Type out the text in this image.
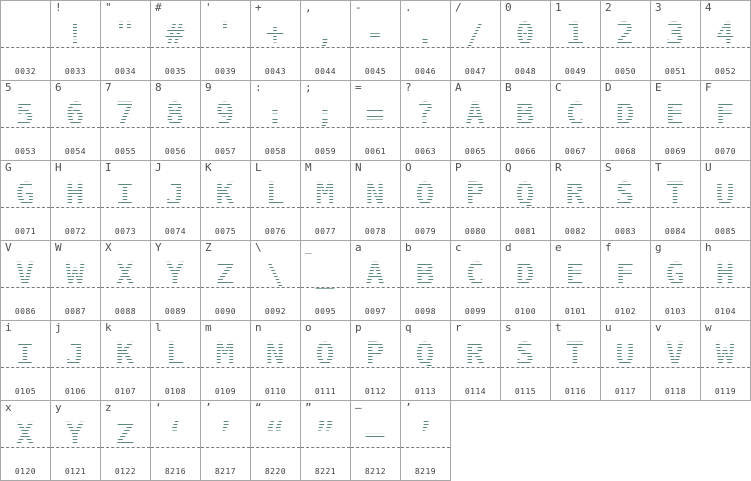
0032
!
!
0033
"
"
0034
#
#
0035
'
'
0039
+
+
0043
,
,
0044
-
-
0045
.
.
0046
/
/
0047
0
0
0048
1
1
0049
2
2
0050
3
3
0051
4
4
0052
5
5
0053
6
6
0054
7
7
0055
8
8
0056
9
9
0057
:
:
0058
;
;
0059
=
=
0061
?
?
0063
A
A
0065
B
B
0066
C
C
0067
D
D
0068
E
E
0069
F
F
0070
G
G
0071
H
H
0072
I
I
0073
J
J
0074
K
K
0075
L
L
0076
M
M
0077
N
N
0078
O
O
0079
P
P
0080
Q
Q
0081
R
R
0082
S
S
0083
T
T
0084
U
U
0085
V
V
0086
W
W
0087
X
X
0088
Y
Y
0089
Z
Z
0090
\
\
0092
_
_
0095
a
A
0097
b
B
0098
c
C
0099
d
D
0100
e
E
0101
f
F
0102
g
G
0103
h
H
0104
i
I
0105
j
J
0106
k
K
0107
l
L
0108
m
M
0109
n
N
0110
o
O
0111
p
P
0112
q
Q
0113
r
R
0114
s
S
0115
t
T
0116
u
U
0117
v
V
0118
w
W
0119
x
X
0120
y
Y
0121
z
Z
0122
‘
‘
8216
’
’
8217
“
“
8220
”
”
8221
—
—
8212
’
’
8219
